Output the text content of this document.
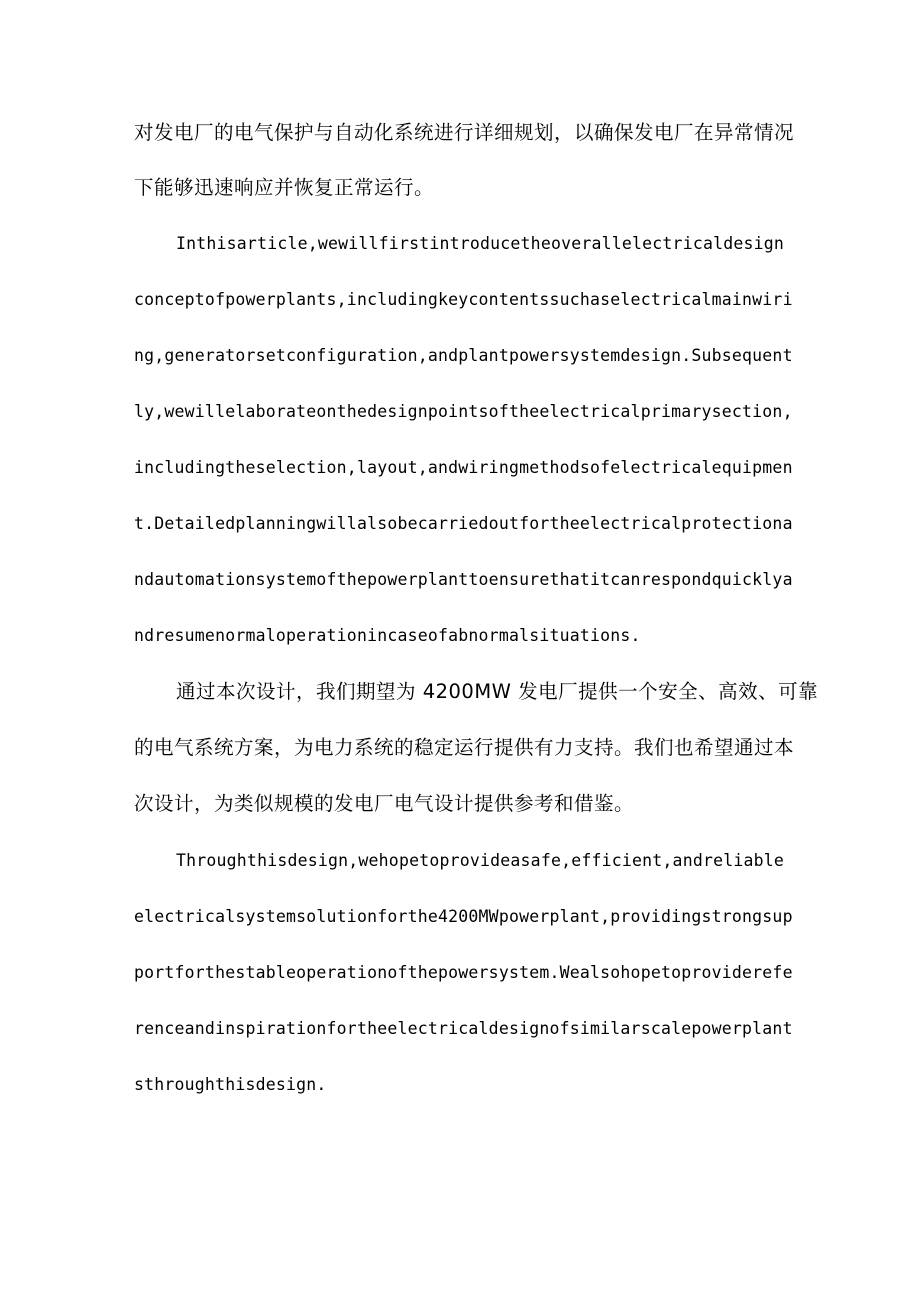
对发电厂的电气保护与自动化系统进行详细规划，以确保发电厂在异常情况
下能够迅速响应并恢复正常运行。
Inthisarticle,wewillfirstintroducetheoverallelectricaldesign
conceptofpowerplants,includingkeycontentssuchaselectricalmainwiri
ng,generatorsetconfiguration,andplantpowersystemdesign.Subsequent
ly,wewillelaborateonthedesignpointsoftheelectricalprimarysection,
includingtheselection,layout,andwiringmethodsofelectricalequipmen
t.Detailedplanningwillalsobecarriedoutfortheelectricalprotectiona
ndautomationsystemofthepowerplanttoensurethatitcanrespondquicklya
ndresumenormaloperationincaseofabnormalsituations.
通过本次设计，我们期望为 4200MW 发电厂提供一个安全、高效、可靠
的电气系统方案，为电力系统的稳定运行提供有力支持。我们也希望通过本
次设计，为类似规模的发电厂电气设计提供参考和借鉴。
Throughthisdesign,wehopetoprovideasafe,efficient,andreliable
electricalsystemsolutionforthe4200MWpowerplant,providingstrongsup
portforthestableoperationofthepowersystem.Wealsohopetoproviderefe
renceandinspirationfortheelectricaldesignofsimilarscalepowerplant
sthroughthisdesign.
